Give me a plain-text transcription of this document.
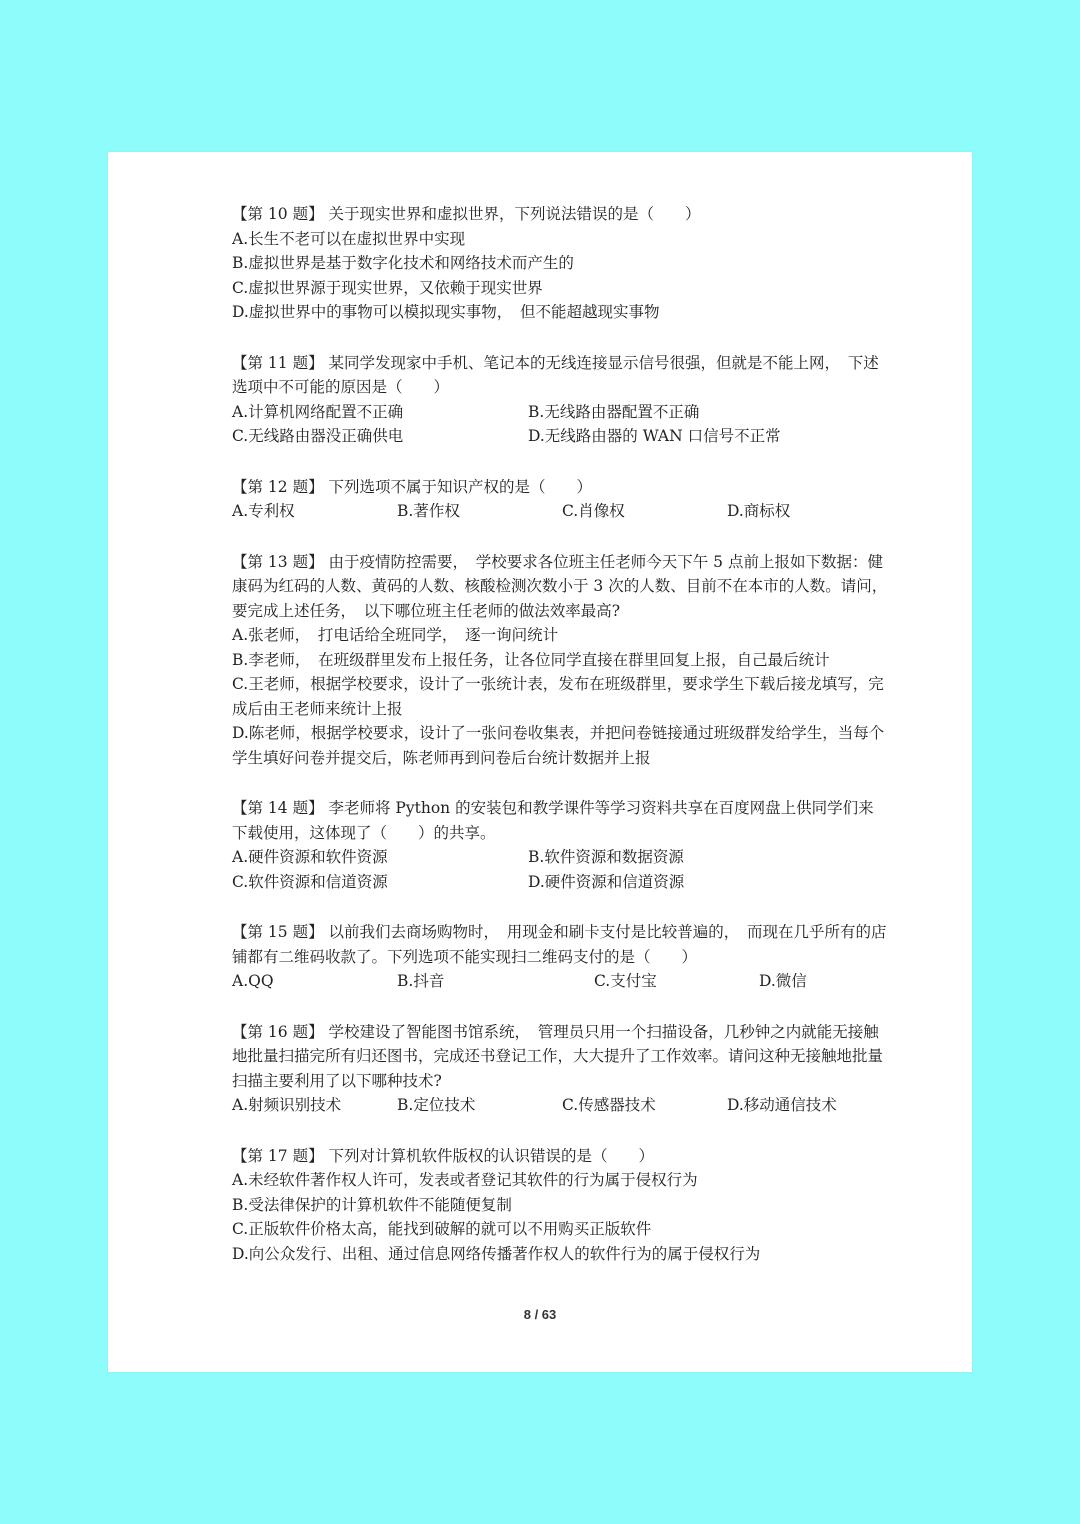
【第 10 题】 关于现实世界和虚拟世界，下列说法错误的是（　　）
A.长生不老可以在虚拟世界中实现
B.虚拟世界是基于数字化技术和网络技术而产生的
C.虚拟世界源于现实世界，又依赖于现实世界
D.虚拟世界中的事物可以模拟现实事物，　但不能超越现实事物
【第 11 题】 某同学发现家中手机、笔记本的无线连接显示信号很强，但就是不能上网，　下述选项中不可能的原因是（　　）
A.计算机网络配置不正确	B.无线路由器配置不正确
C.无线路由器没正确供电	D.无线路由器的 WAN 口信号不正常
【第 12 题】 下列选项不属于知识产权的是（　　）
A.专利权	B.著作权	C.肖像权	D.商标权
【第 13 题】 由于疫情防控需要，　学校要求各位班主任老师今天下午 5 点前上报如下数据：健康码为红码的人数、黄码的人数、核酸检测次数小于 3 次的人数、目前不在本市的人数。请问，　要完成上述任务，　以下哪位班主任老师的做法效率最高?
A.张老师，　打电话给全班同学，　逐一询问统计
B.李老师，　在班级群里发布上报任务，让各位同学直接在群里回复上报，自己最后统计
C.王老师，根据学校要求，设计了一张统计表，发布在班级群里，要求学生下载后接龙填写，完成后由王老师来统计上报
D.陈老师，根据学校要求，设计了一张问卷收集表，并把问卷链接通过班级群发给学生，当每个学生填好问卷并提交后，陈老师再到问卷后台统计数据并上报
【第 14 题】 李老师将 Python 的安装包和教学课件等学习资料共享在百度网盘上供同学们来下载使用，这体现了（　　）的共享。
A.硬件资源和软件资源	B.软件资源和数据资源
C.软件资源和信道资源	D.硬件资源和信道资源
【第 15 题】 以前我们去商场购物时，　用现金和刷卡支付是比较普遍的，　而现在几乎所有的店铺都有二维码收款了。下列选项不能实现扫二维码支付的是（　　）
A.QQ	B.抖音	C.支付宝	D.微信
【第 16 题】 学校建设了智能图书馆系统，　管理员只用一个扫描设备，几秒钟之内就能无接触地批量扫描完所有归还图书，完成还书登记工作，大大提升了工作效率。请问这种无接触地批量扫描主要利用了以下哪种技术?
A.射频识别技术	B.定位技术	C.传感器技术	D.移动通信技术
【第 17 题】 下列对计算机软件版权的认识错误的是（　　）
A.未经软件著作权人许可，发表或者登记其软件的行为属于侵权行为
B.受法律保护的计算机软件不能随便复制
C.正版软件价格太高，能找到破解的就可以不用购买正版软件
D.向公众发行、出租、通过信息网络传播著作权人的软件行为的属于侵权行为
8 / 63
